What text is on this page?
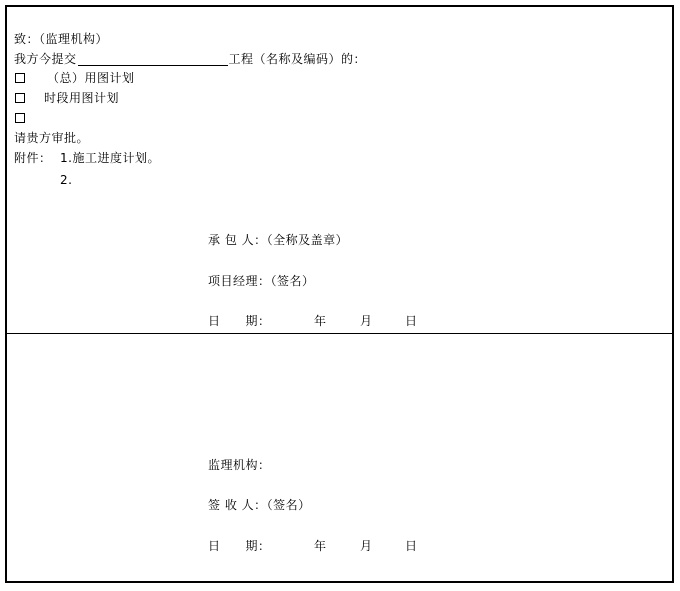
致：（监理机构）
我方今提交	工程（名称及编码）的：
（总）用图计划
时段用图计划
请贵方审批。
附件： 1.施工进度计划。
2.
承 包 人：（全称及盖章）
项目经理：（签名）
日　　期：	年	月	日
监理机构：
签 收 人：（签名）
日　　期：	年	月	日
